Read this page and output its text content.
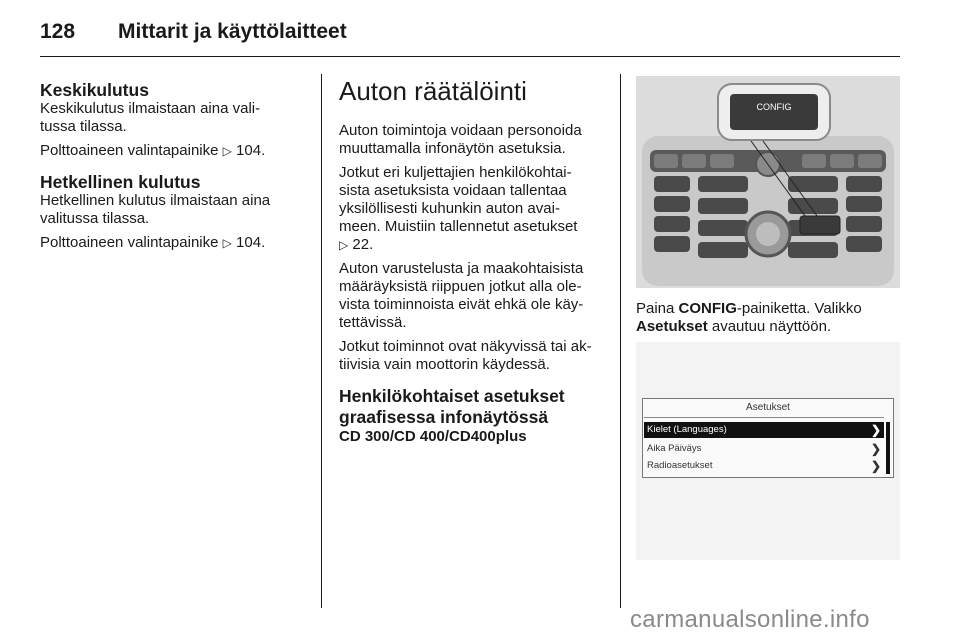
128 Mittarit ja käyttölaitteet
Keskikulutus

Keskikulutus ilmaistaan aina vali-
tussa tilassa.

Polttoaineen valintapainike ▷ 104.

Hetkellinen kulutus

Hetkellinen kulutus ilmaistaan aina
valitussa tilassa.

Polttoaineen valintapainike ▷ 104.

Auton räätälöinti

Auton toimintoja voidaan personoida
muuttamalla infonäytön asetuksia.

Jotkut eri kuljettajien henkilökohtai-
sista asetuksista voidaan tallentaa
yksilöllisesti kuhunkin auton avai-
meen. Muistiin tallennetut asetukset
▷ 22.

Auton varustelusta ja maakohtaisista
määräyksistä riippuen jotkut alla ole-
vista toiminnoista eivät ehkä ole käy-
tettävissä.

Jotkut toiminnot ovat näkyvissä tai ak-
tiivisia vain moottorin käydessä.

Henkilökohtaiset asetukset
graafisessa infonäytössä
CD 300/CD 400/CD400plus
CONFIG
Paina CONFIG-painiketta. Valikko
Asetukset avautuu näyttöön.
Asetukset
Kielet (Languages)	❯
Aika Päiväys	❯
Radioasetukset	❯
carmanualsonline.info
